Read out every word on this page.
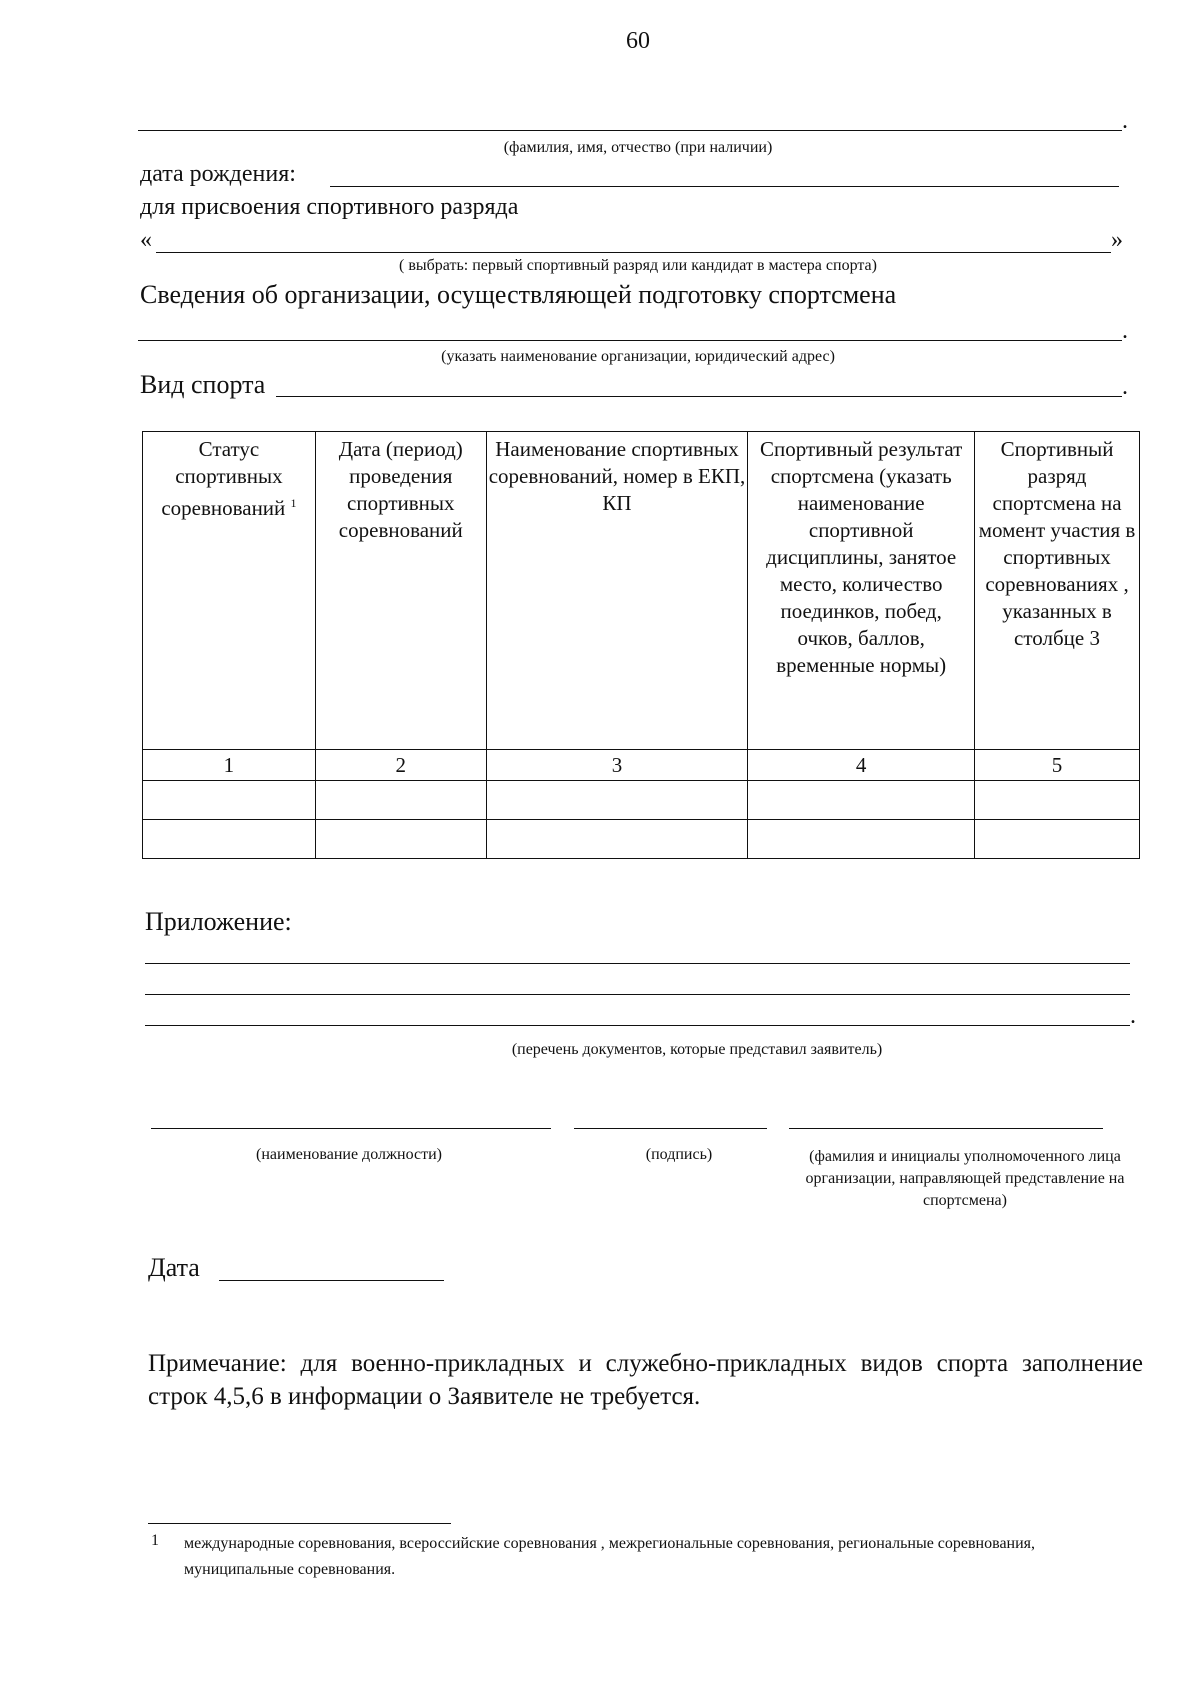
60
.
(фамилия, имя, отчество (при наличии)
дата рождения:
для присвоения спортивного разряда
«	»
( выбрать: первый спортивный разряд или кандидат в мастера спорта)
Сведения об организации, осуществляющей подготовку спортсмена
.
(указать наименование организации, юридический адрес)
Вид спорта	.
Статус спортивных соревнований $^1$	Дата (период) проведения спортивных соревнований	Наименование спортивных соревнований, номер в ЕКП, КП	Спортивный результат спортсмена (указать наименование спортивной дисциплины, занятое место, количество поединков, побед, очков, баллов, временные нормы)	Спортивный разряд спортсмена на момент участия в спортивных соревнованиях , указанных в столбце 3
1	2	3	4	5

Приложение:
.
(перечень документов, которые представил заявитель)
(наименование должности)	(подпись)	(фамилия и инициалы уполномоченного лица организации, направляющей представление на спортсмена)
Дата
Примечание: для военно-прикладных и служебно-прикладных видов спорта заполнение строк 4,5,6 в информации о Заявителе не требуется.
1 международные соревнования, всероссийские соревнования , межрегиональные соревнования, региональные соревнования, муниципальные соревнования.
